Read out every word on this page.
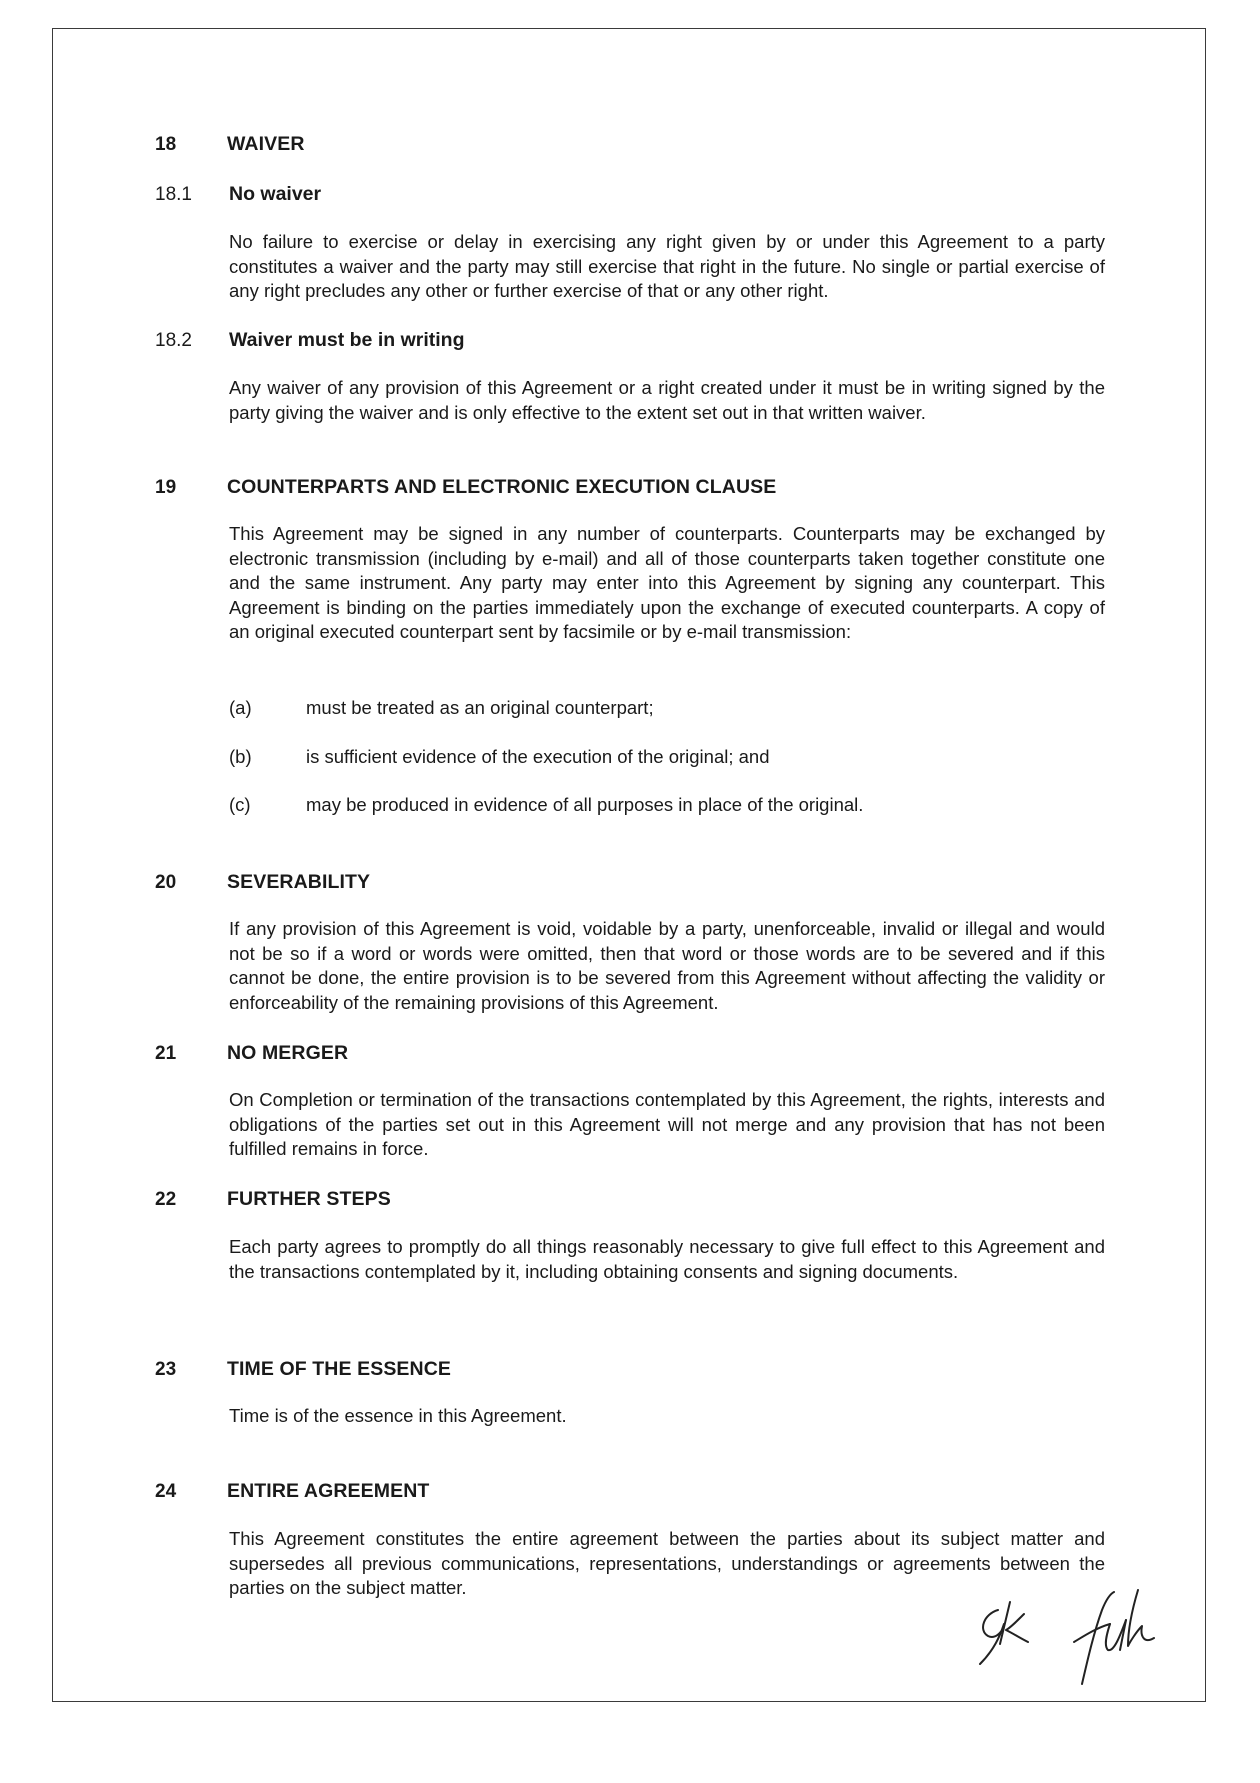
18	WAIVER
18.1 No waiver

No failure to exercise or delay in exercising any right given by or under this Agreement to a party constitutes a waiver and the party may still exercise that right in the future. No single or partial exercise of any right precludes any other or further exercise of that or any other right.

18.2 Waiver must be in writing

Any waiver of any provision of this Agreement or a right created under it must be in writing signed by the party giving the waiver and is only effective to the extent set out in that written waiver.

19	COUNTERPARTS AND ELECTRONIC EXECUTION CLAUSE

This Agreement may be signed in any number of counterparts. Counterparts may be exchanged by electronic transmission (including by e-mail) and all of those counterparts taken together constitute one and the same instrument. Any party may enter into this Agreement by signing any counterpart. This Agreement is binding on the parties immediately upon the exchange of executed counterparts. A copy of an original executed counterpart sent by facsimile or by e-mail transmission:

(a)	must be treated as an original counterpart;
(b)	is sufficient evidence of the execution of the original; and
(c)	may be produced in evidence of all purposes in place of the original.
20	SEVERABILITY

If any provision of this Agreement is void, voidable by a party, unenforceable, invalid or illegal and would not be so if a word or words were omitted, then that word or those words are to be severed and if this cannot be done, the entire provision is to be severed from this Agreement without affecting the validity or enforceability of the remaining provisions of this Agreement.

21	NO MERGER

On Completion or termination of the transactions contemplated by this Agreement, the rights, interests and obligations of the parties set out in this Agreement will not merge and any provision that has not been fulfilled remains in force.

22	FURTHER STEPS

Each party agrees to promptly do all things reasonably necessary to give full effect to this Agreement and the transactions contemplated by it, including obtaining consents and signing documents.

23	TIME OF THE ESSENCE

Time is of the essence in this Agreement.

24	ENTIRE AGREEMENT

This Agreement constitutes the entire agreement between the parties about its subject matter and supersedes all previous communications, representations, understandings or agreements between the parties on the subject matter.
